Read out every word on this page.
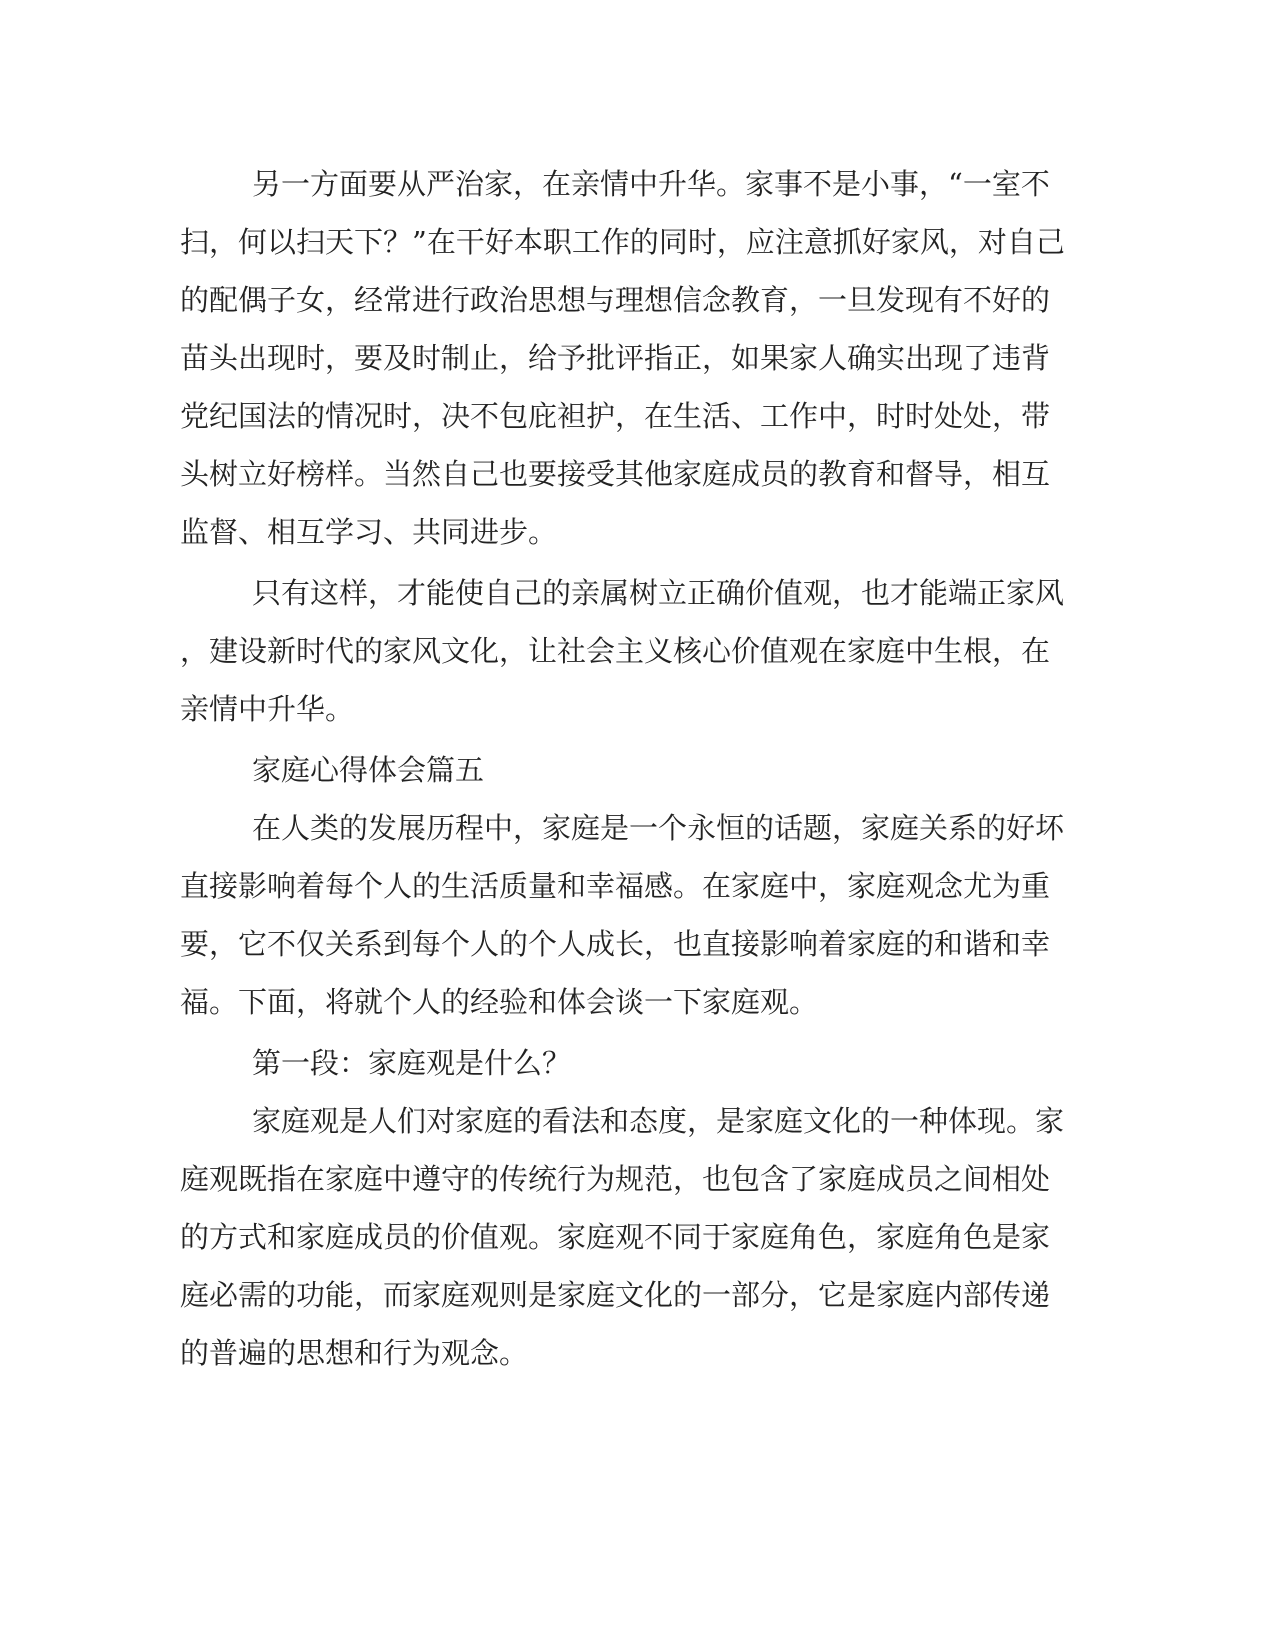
另一方面要从严治家，在亲情中升华。家事不是小事，“一室不

扫，何以扫天下？”在干好本职工作的同时，应注意抓好家风，对自己

的配偶子女，经常进行政治思想与理想信念教育，一旦发现有不好的

苗头出现时，要及时制止，给予批评指正，如果家人确实出现了违背

党纪国法的情况时，决不包庇袒护，在生活、工作中，时时处处，带

头树立好榜样。当然自己也要接受其他家庭成员的教育和督导，相互

监督、相互学习、共同进步。

只有这样，才能使自己的亲属树立正确价值观，也才能端正家风

，建设新时代的家风文化，让社会主义核心价值观在家庭中生根，在

亲情中升华。

家庭心得体会篇五

在人类的发展历程中，家庭是一个永恒的话题，家庭关系的好坏

直接影响着每个人的生活质量和幸福感。在家庭中，家庭观念尤为重

要，它不仅关系到每个人的个人成长，也直接影响着家庭的和谐和幸

福。下面，将就个人的经验和体会谈一下家庭观。

第一段：家庭观是什么？

家庭观是人们对家庭的看法和态度，是家庭文化的一种体现。家

庭观既指在家庭中遵守的传统行为规范，也包含了家庭成员之间相处

的方式和家庭成员的价值观。家庭观不同于家庭角色，家庭角色是家

庭必需的功能，而家庭观则是家庭文化的一部分，它是家庭内部传递

的普遍的思想和行为观念。
